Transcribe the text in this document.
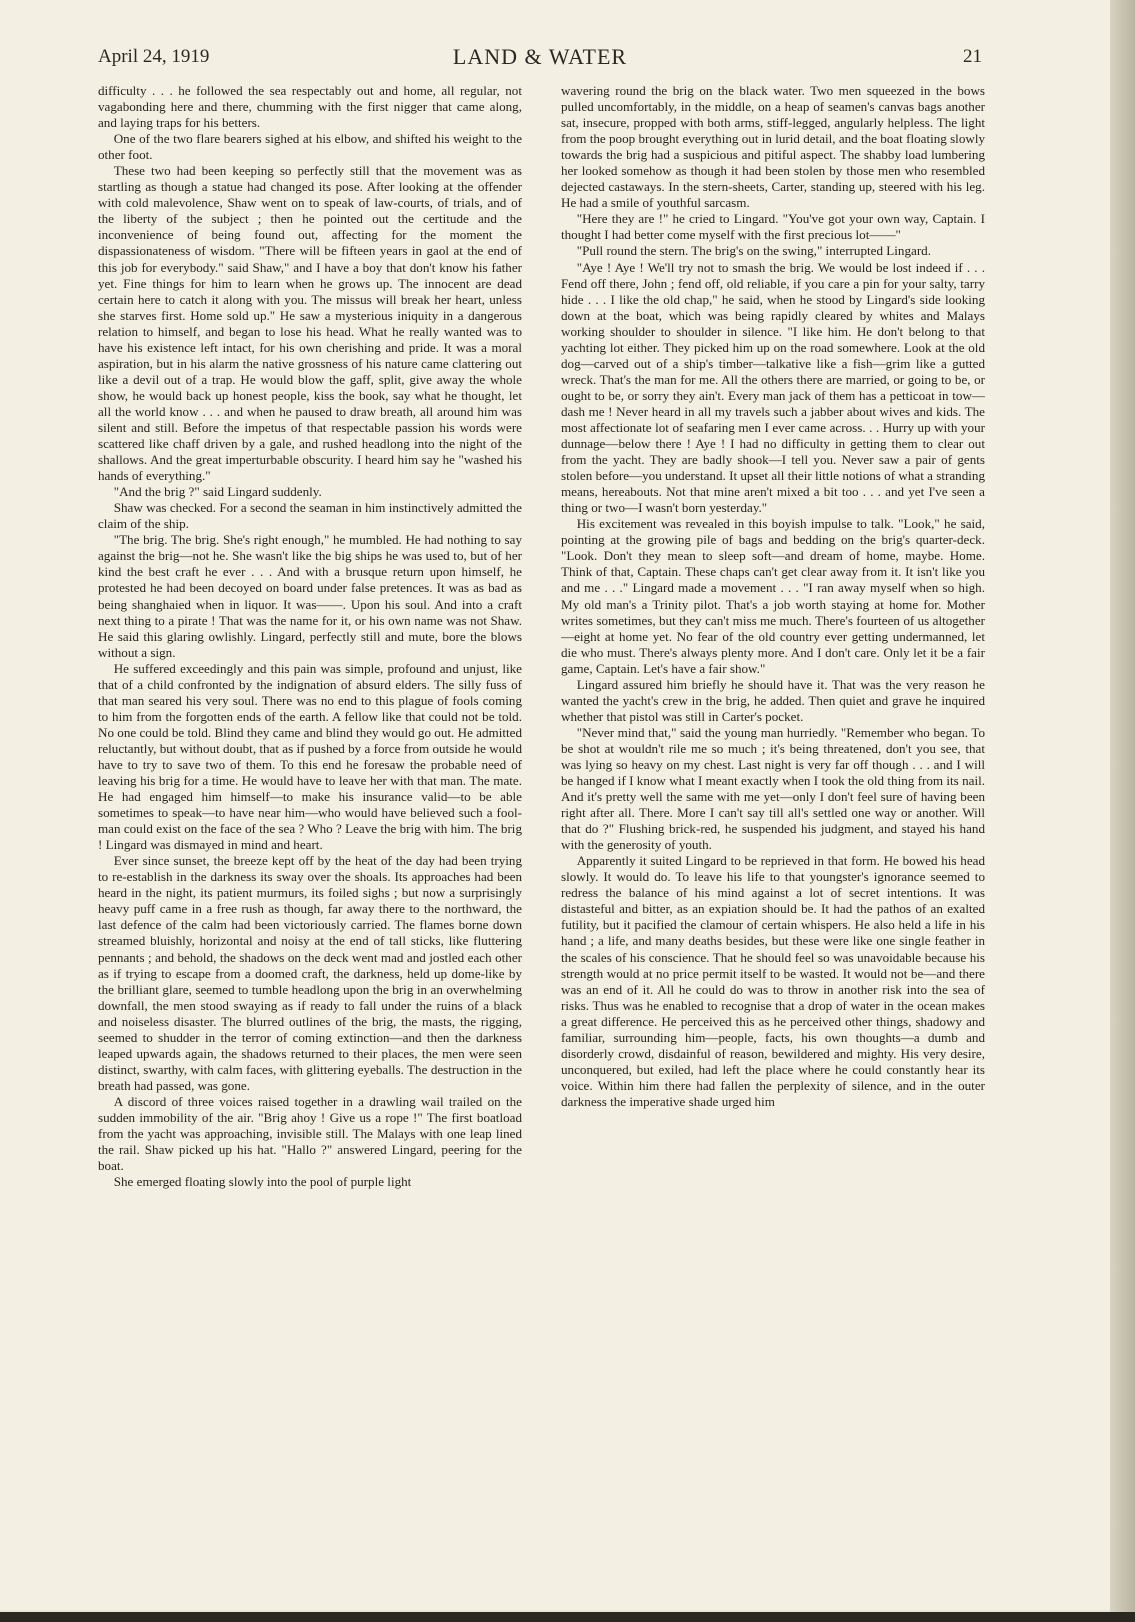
April 24, 1919	LAND & WATER	21

difficulty . . . he followed the sea respectably out and home, all regular, not vagabonding here and there, chumming with the first nigger that came along, and laying traps for his betters.

One of the two flare bearers sighed at his elbow, and shifted his weight to the other foot.

These two had been keeping so perfectly still that the movement was as startling as though a statue had changed its pose. After looking at the offender with cold malevolence, Shaw went on to speak of law-courts, of trials, and of the liberty of the subject ; then he pointed out the certitude and the inconvenience of being found out, affecting for the moment the dispassionateness of wisdom. "There will be fifteen years in gaol at the end of this job for everybody." said Shaw," and I have a boy that don't know his father yet. Fine things for him to learn when he grows up. The innocent are dead certain here to catch it along with you. The missus will break her heart, unless she starves first. Home sold up." He saw a mysterious iniquity in a dangerous relation to himself, and began to lose his head. What he really wanted was to have his existence left intact, for his own cherishing and pride. It was a moral aspiration, but in his alarm the native grossness of his nature came clattering out like a devil out of a trap. He would blow the gaff, split, give away the whole show, he would back up honest people, kiss the book, say what he thought, let all the world know . . . and when he paused to draw breath, all around him was silent and still. Before the impetus of that respectable passion his words were scattered like chaff driven by a gale, and rushed headlong into the night of the shallows. And the great imperturbable obscurity. I heard him say he "washed his hands of everything."

"And the brig ?" said Lingard suddenly.

Shaw was checked. For a second the seaman in him instinctively admitted the claim of the ship.

"The brig. The brig. She's right enough," he mumbled. He had nothing to say against the brig—not he. She wasn't like the big ships he was used to, but of her kind the best craft he ever . . . And with a brusque return upon himself, he protested he had been decoyed on board under false pretences. It was as bad as being shanghaied when in liquor. It was——. Upon his soul. And into a craft next thing to a pirate ! That was the name for it, or his own name was not Shaw. He said this glaring owlishly. Lingard, perfectly still and mute, bore the blows without a sign.

He suffered exceedingly and this pain was simple, profound and unjust, like that of a child confronted by the indignation of absurd elders. The silly fuss of that man seared his very soul. There was no end to this plague of fools coming to him from the forgotten ends of the earth. A fellow like that could not be told. No one could be told. Blind they came and blind they would go out. He admitted reluctantly, but without doubt, that as if pushed by a force from outside he would have to try to save two of them. To this end he foresaw the probable need of leaving his brig for a time. He would have to leave her with that man. The mate. He had engaged him himself—to make his insurance valid—to be able sometimes to speak—to have near him—who would have believed such a fool-man could exist on the face of the sea ? Who ? Leave the brig with him. The brig ! Lingard was dismayed in mind and heart.

Ever since sunset, the breeze kept off by the heat of the day had been trying to re-establish in the darkness its sway over the shoals. Its approaches had been heard in the night, its patient murmurs, its foiled sighs ; but now a surprisingly heavy puff came in a free rush as though, far away there to the northward, the last defence of the calm had been victoriously carried. The flames borne down streamed bluishly, horizontal and noisy at the end of tall sticks, like fluttering pennants ; and behold, the shadows on the deck went mad and jostled each other as if trying to escape from a doomed craft, the darkness, held up dome-like by the brilliant glare, seemed to tumble headlong upon the brig in an overwhelming downfall, the men stood swaying as if ready to fall under the ruins of a black and noiseless disaster. The blurred outlines of the brig, the masts, the rigging, seemed to shudder in the terror of coming extinction—and then the darkness leaped upwards again, the shadows returned to their places, the men were seen distinct, swarthy, with calm faces, with glittering eyeballs. The destruction in the breath had passed, was gone.

A discord of three voices raised together in a drawling wail trailed on the sudden immobility of the air. "Brig ahoy ! Give us a rope !" The first boatload from the yacht was approaching, invisible still. The Malays with one leap lined the rail. Shaw picked up his hat. "Hallo ?" answered Lingard, peering for the boat.

She emerged floating slowly into the pool of purple light

wavering round the brig on the black water. Two men squeezed in the bows pulled uncomfortably, in the middle, on a heap of seamen's canvas bags another sat, insecure, propped with both arms, stiff-legged, angularly helpless. The light from the poop brought everything out in lurid detail, and the boat floating slowly towards the brig had a suspicious and pitiful aspect. The shabby load lumbering her looked somehow as though it had been stolen by those men who resembled dejected castaways. In the stern-sheets, Carter, standing up, steered with his leg. He had a smile of youthful sarcasm.

"Here they are !" he cried to Lingard. "You've got your own way, Captain. I thought I had better come myself with the first precious lot——"

"Pull round the stern. The brig's on the swing," interrupted Lingard.

"Aye ! Aye ! We'll try not to smash the brig. We would be lost indeed if . . . Fend off there, John ; fend off, old reliable, if you care a pin for your salty, tarry hide . . . I like the old chap," he said, when he stood by Lingard's side looking down at the boat, which was being rapidly cleared by whites and Malays working shoulder to shoulder in silence. "I like him. He don't belong to that yachting lot either. They picked him up on the road somewhere. Look at the old dog—carved out of a ship's timber—talkative like a fish—grim like a gutted wreck. That's the man for me. All the others there are married, or going to be, or ought to be, or sorry they ain't. Every man jack of them has a petticoat in tow—dash me ! Never heard in all my travels such a jabber about wives and kids. The most affectionate lot of seafaring men I ever came across. . . Hurry up with your dunnage—below there ! Aye ! I had no difficulty in getting them to clear out from the yacht. They are badly shook—I tell you. Never saw a pair of gents stolen before—you understand. It upset all their little notions of what a stranding means, hereabouts. Not that mine aren't mixed a bit too . . . and yet I've seen a thing or two—I wasn't born yesterday."

His excitement was revealed in this boyish impulse to talk. "Look," he said, pointing at the growing pile of bags and bedding on the brig's quarter-deck. "Look. Don't they mean to sleep soft—and dream of home, maybe. Home. Think of that, Captain. These chaps can't get clear away from it. It isn't like you and me . . ." Lingard made a movement . . . "I ran away myself when so high. My old man's a Trinity pilot. That's a job worth staying at home for. Mother writes sometimes, but they can't miss me much. There's fourteen of us altogether—eight at home yet. No fear of the old country ever getting undermanned, let die who must. There's always plenty more. And I don't care. Only let it be a fair game, Captain. Let's have a fair show."

Lingard assured him briefly he should have it. That was the very reason he wanted the yacht's crew in the brig, he added. Then quiet and grave he inquired whether that pistol was still in Carter's pocket.

"Never mind that," said the young man hurriedly. "Remember who began. To be shot at wouldn't rile me so much ; it's being threatened, don't you see, that was lying so heavy on my chest. Last night is very far off though . . . and I will be hanged if I know what I meant exactly when I took the old thing from its nail. And it's pretty well the same with me yet—only I don't feel sure of having been right after all. There. More I can't say till all's settled one way or another. Will that do ?" Flushing brick-red, he suspended his judgment, and stayed his hand with the generosity of youth.

Apparently it suited Lingard to be reprieved in that form. He bowed his head slowly. It would do. To leave his life to that youngster's ignorance seemed to redress the balance of his mind against a lot of secret intentions. It was distasteful and bitter, as an expiation should be. It had the pathos of an exalted futility, but it pacified the clamour of certain whispers. He also held a life in his hand ; a life, and many deaths besides, but these were like one single feather in the scales of his conscience. That he should feel so was unavoidable because his strength would at no price permit itself to be wasted. It would not be—and there was an end of it. All he could do was to throw in another risk into the sea of risks. Thus was he enabled to recognise that a drop of water in the ocean makes a great difference. He perceived this as he perceived other things, shadowy and familiar, surrounding him—people, facts, his own thoughts—a dumb and disorderly crowd, disdainful of reason, bewildered and mighty. His very desire, unconquered, but exiled, had left the place where he could constantly hear its voice. Within him there had fallen the perplexity of silence, and in the outer darkness the imperative shade urged him
